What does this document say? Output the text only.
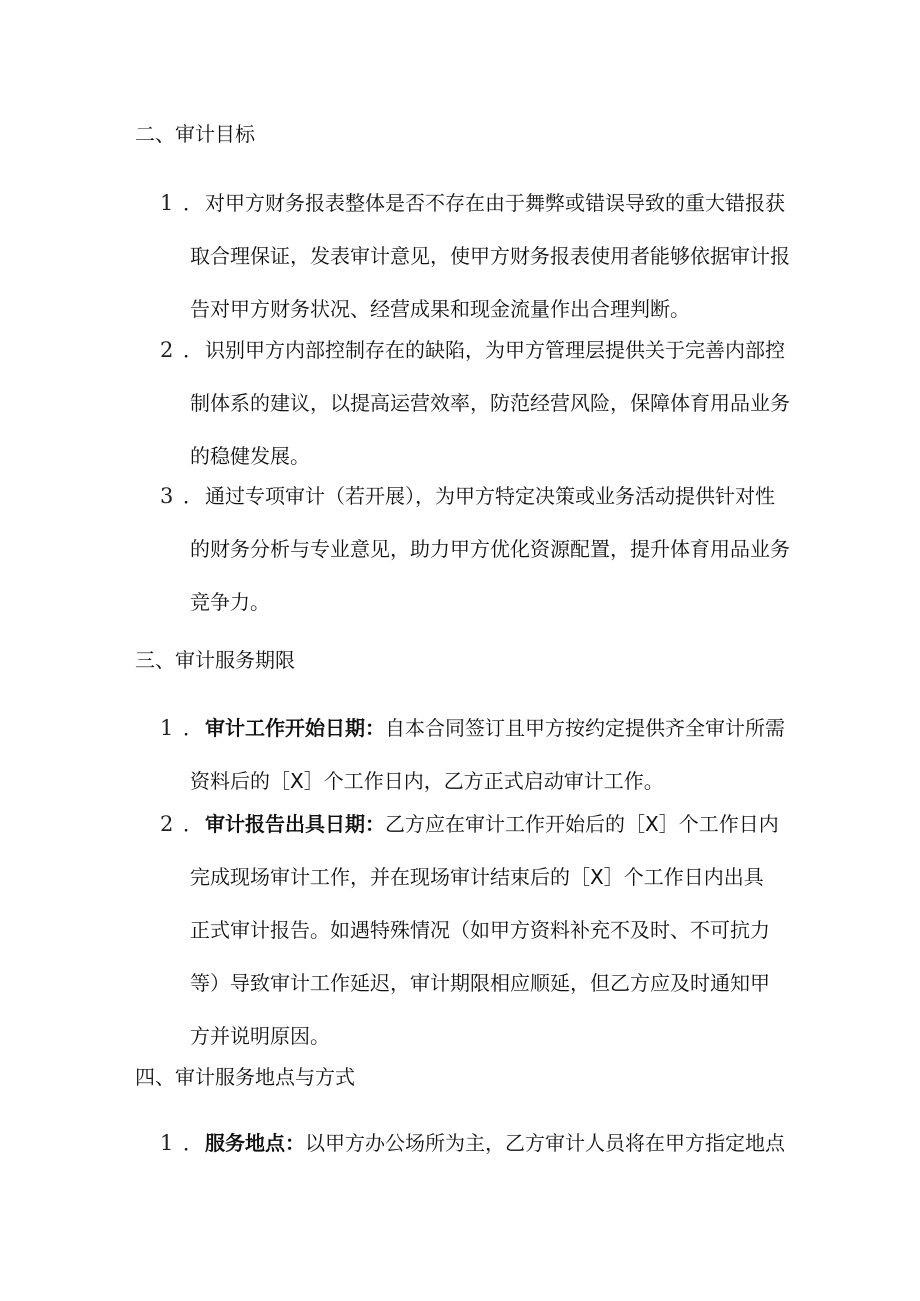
二、审计目标
1 ．对甲方财务报表整体是否不存在由于舞弊或错误导致的重大错报获
取合理保证，发表审计意见，使甲方财务报表使用者能够依据审计报
告对甲方财务状况、经营成果和现金流量作出合理判断。
2 ．识别甲方内部控制存在的缺陷，为甲方管理层提供关于完善内部控
制体系的建议，以提高运营效率，防范经营风险，保障体育用品业务
的稳健发展。
3 ．通过专项审计（若开展），为甲方特定决策或业务活动提供针对性
的财务分析与专业意见，助力甲方优化资源配置，提升体育用品业务
竞争力。
三、审计服务期限
1 ．审计工作开始日期：自本合同签订且甲方按约定提供齐全审计所需
资料后的［X］个工作日内，乙方正式启动审计工作。
2 ．审计报告出具日期：乙方应在审计工作开始后的［X］个工作日内
完成现场审计工作，并在现场审计结束后的［X］个工作日内出具
正式审计报告。如遇特殊情况（如甲方资料补充不及时、不可抗力
等）导致审计工作延迟，审计期限相应顺延，但乙方应及时通知甲
方并说明原因。
四、审计服务地点与方式
1 ．服务地点：以甲方办公场所为主，乙方审计人员将在甲方指定地点
